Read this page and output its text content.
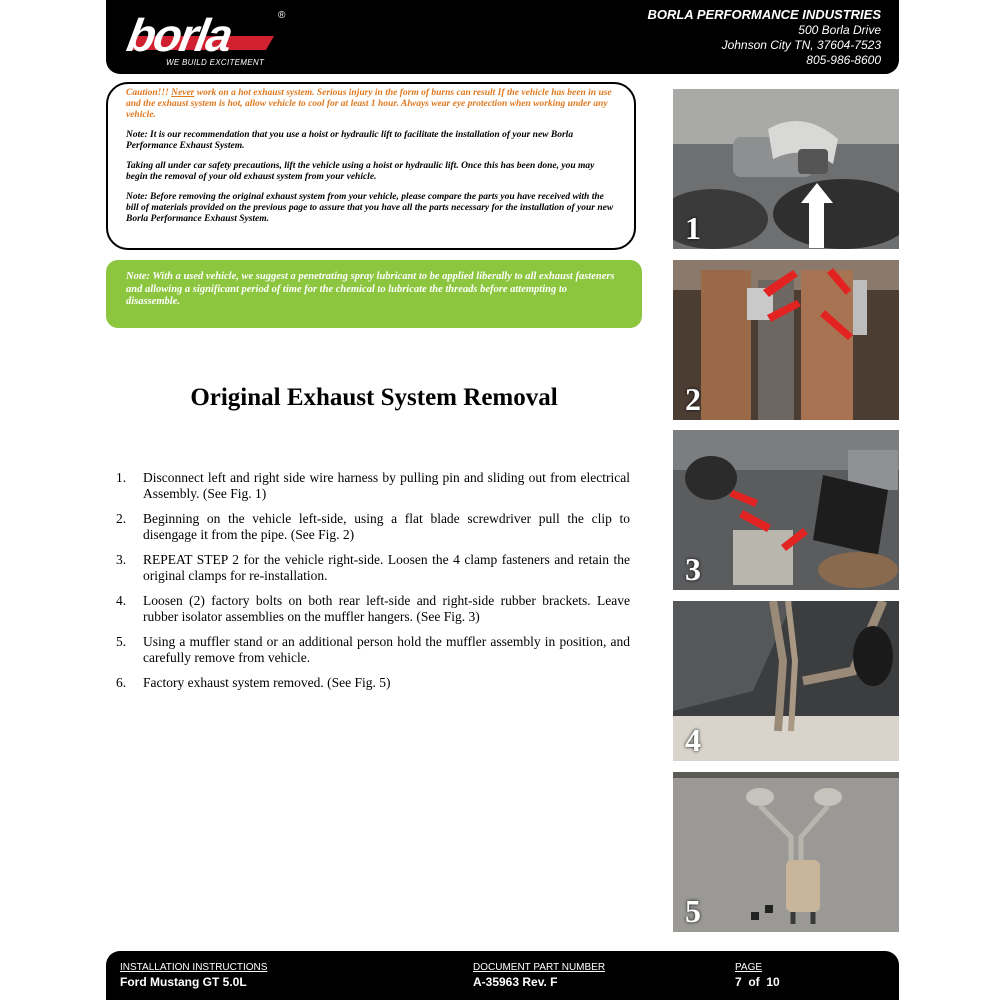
borla	®
WE BUILD EXCITEMENT
BORLA PERFORMANCE INDUSTRIES
500 Borla Drive
Johnson City TN, 37604-7523
805-986-8600

Caution!!! Never work on a hot exhaust system. Serious injury in the form of burns can result If the vehicle has been in use and the exhaust system is hot, allow vehicle to cool for at least 1 hour. Always wear eye protection when working under any vehicle.

Note: It is our recommendation that you use a hoist or hydraulic lift to facilitate the installation of your new Borla Performance Exhaust System.

Taking all under car safety precautions, lift the vehicle using a hoist or hydraulic lift. Once this has been done, you may begin the removal of your old exhaust system from your vehicle.

Note: Before removing the original exhaust system from your vehicle, please compare the parts you have received with the bill of materials provided on the previous page to assure that you have all the parts necessary for the installation of your new Borla Performance Exhaust System.

Note: With a used vehicle, we suggest a penetrating spray lubricant to be applied liberally to all exhaust fasteners and allowing a significant period of time for the chemical to lubricate the threads before attempting to disassemble.
Original Exhaust System Removal
1. Disconnect left and right side wire harness by pulling pin and sliding out from electrical Assembly. (See Fig. 1)
2. Beginning on the vehicle left-side, using a flat blade screwdriver pull the clip to disengage it from the pipe. (See Fig. 2)
3. REPEAT STEP 2 for the vehicle right-side. Loosen the 4 clamp fasteners and retain the original clamps for re-installation.
4. Loosen (2) factory bolts on both rear left-side and right-side rubber brackets. Leave rubber isolator assemblies on the muffler hangers. (See Fig. 3)
5. Using a muffler stand or an additional person hold the muffler assembly in position, and carefully remove from vehicle.
6. Factory exhaust system removed. (See Fig. 5)
1
2
3
4
5
INSTALLATION INSTRUCTIONS
Ford Mustang GT 5.0L
DOCUMENT PART NUMBER
A-35963 Rev. F
PAGE
7  of  10
